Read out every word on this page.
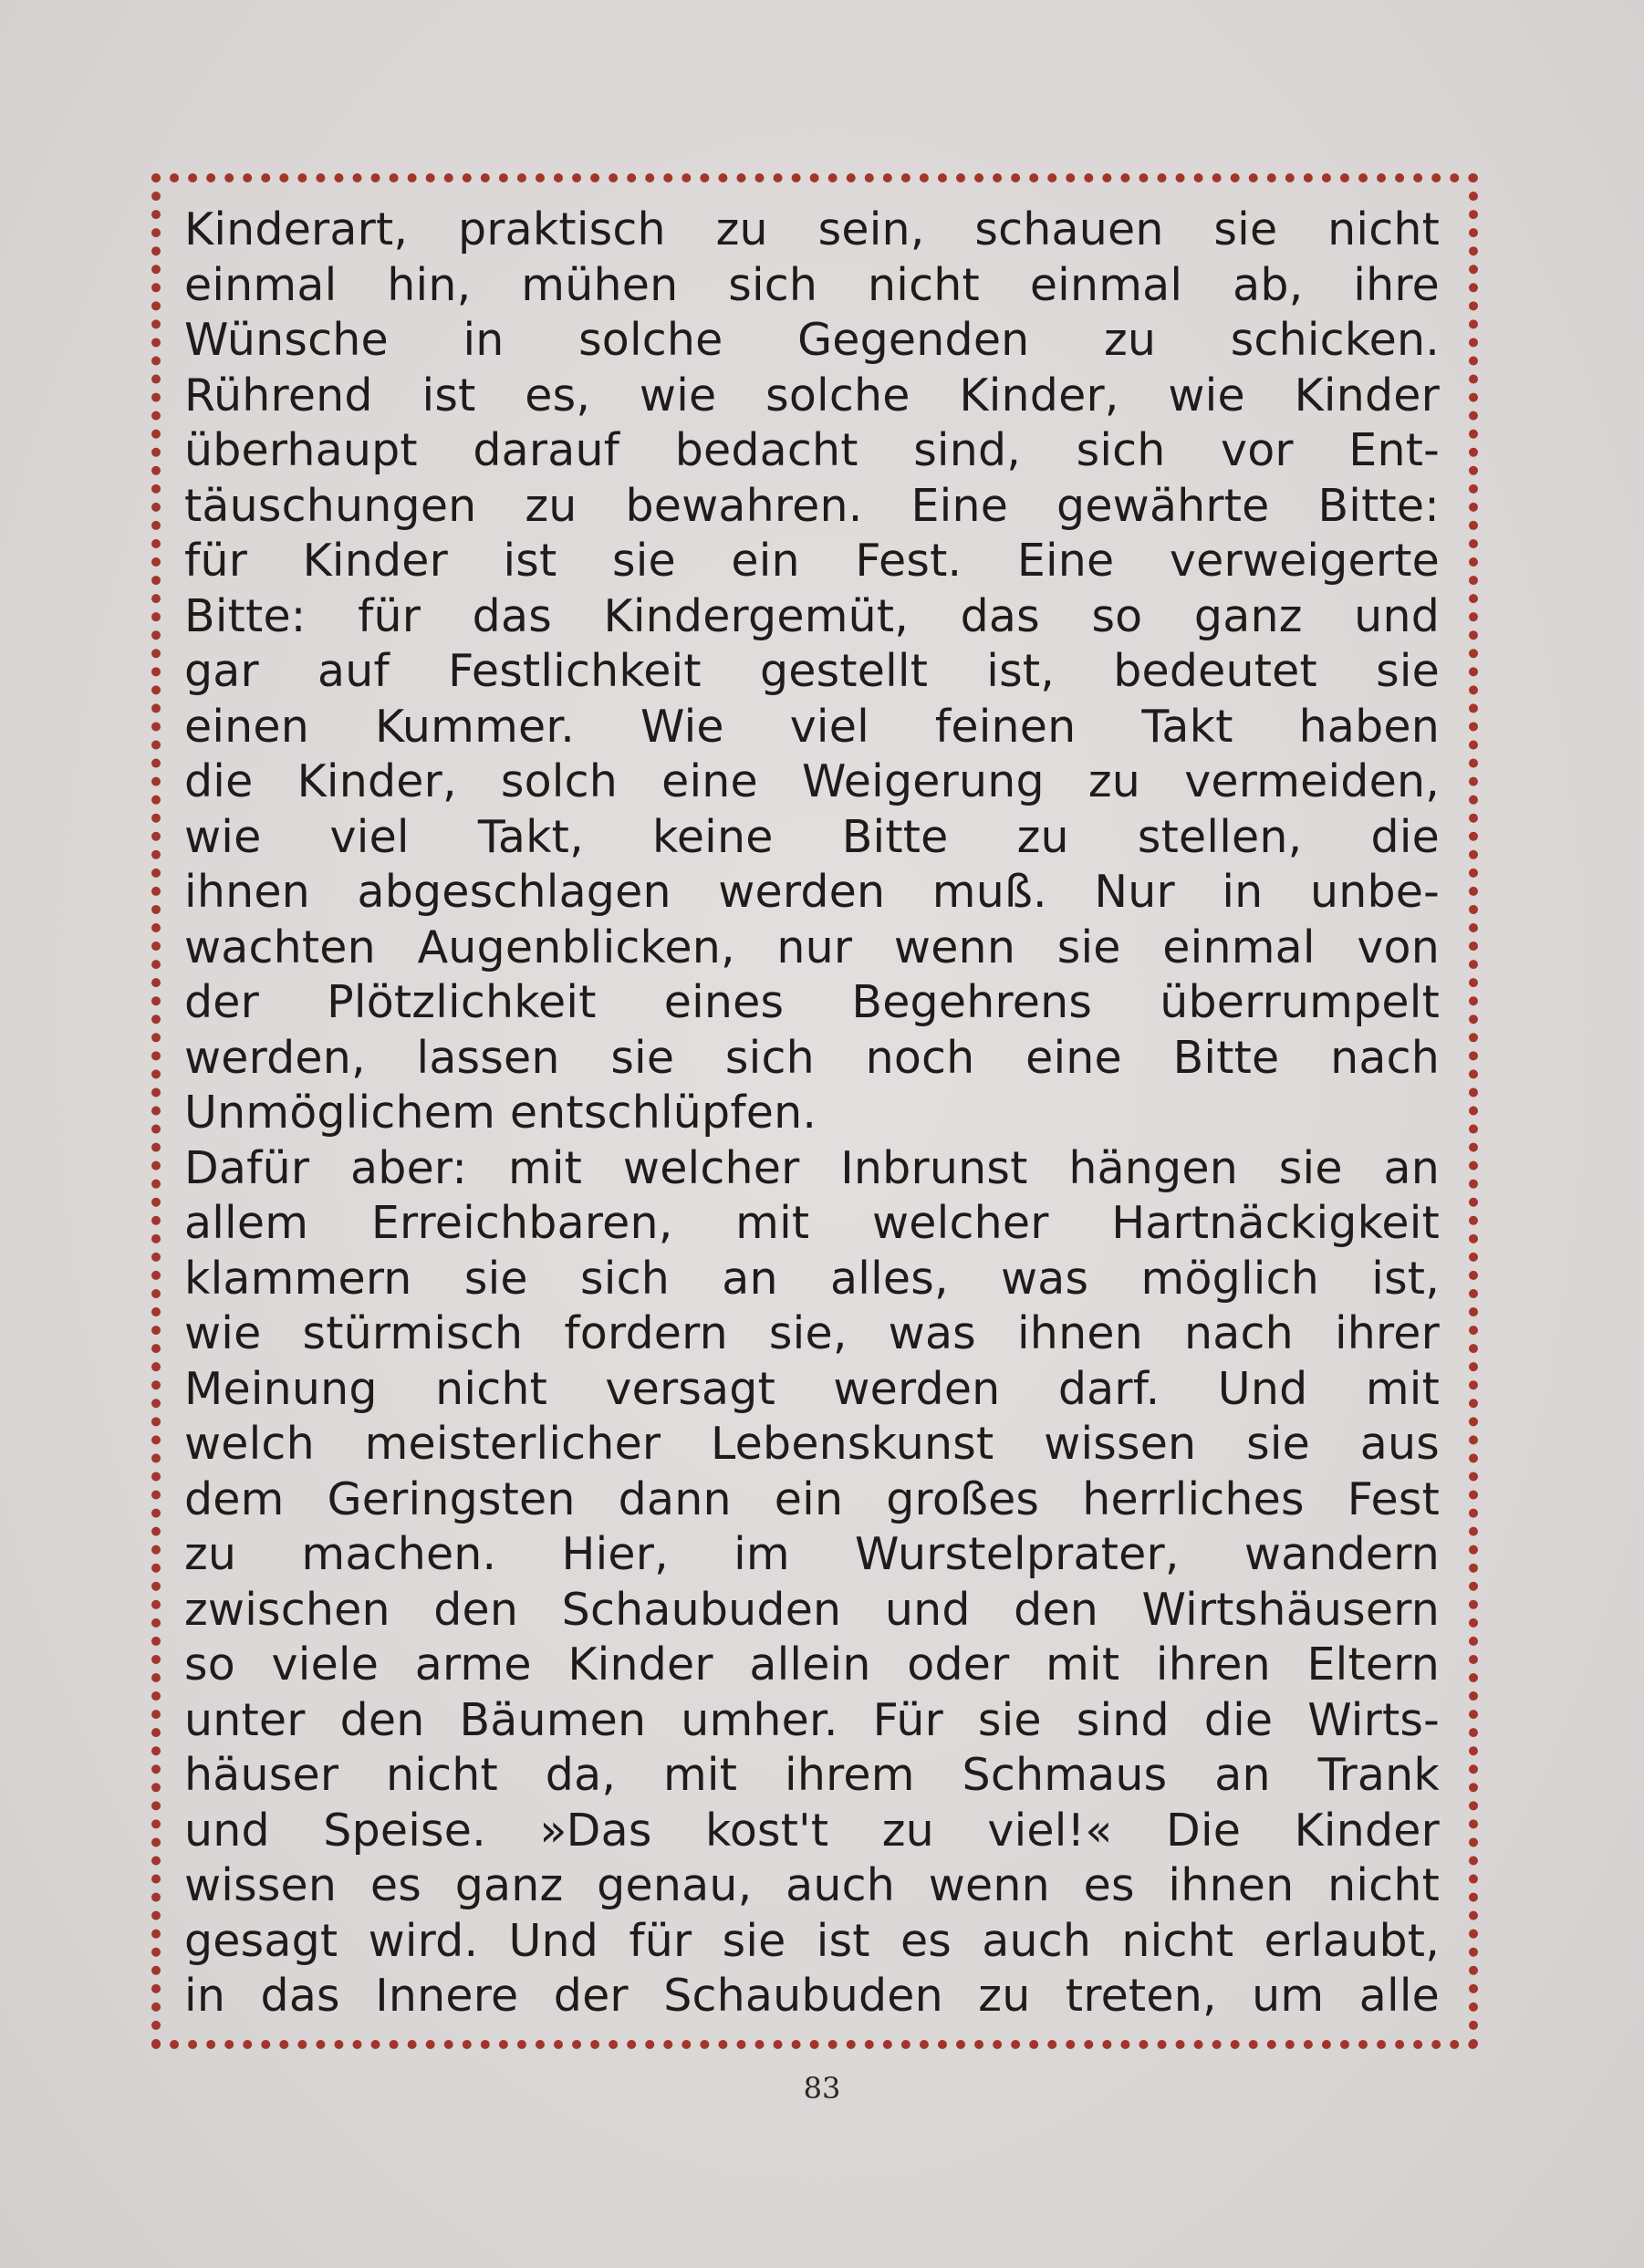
Kinderart, praktisch zu sein, schauen sie nicht
einmal hin, mühen sich nicht einmal ab, ihre
Wünsche in solche Gegenden zu schicken.
Rührend ist es, wie solche Kinder, wie Kinder
überhaupt darauf bedacht sind, sich vor Ent-
täuschungen zu bewahren. Eine gewährte Bitte:
für Kinder ist sie ein Fest. Eine verweigerte
Bitte: für das Kindergemüt, das so ganz und
gar auf Festlichkeit gestellt ist, bedeutet sie
einen Kummer. Wie viel feinen Takt haben
die Kinder, solch eine Weigerung zu vermeiden,
wie viel Takt, keine Bitte zu stellen, die
ihnen abgeschlagen werden muß. Nur in unbe-
wachten Augenblicken, nur wenn sie einmal von
der Plötzlichkeit eines Begehrens überrumpelt
werden, lassen sie sich noch eine Bitte nach
Unmöglichem entschlüpfen.
Dafür aber: mit welcher Inbrunst hängen sie an
allem Erreichbaren, mit welcher Hartnäckigkeit
klammern sie sich an alles, was möglich ist,
wie stürmisch fordern sie, was ihnen nach ihrer
Meinung nicht versagt werden darf. Und mit
welch meisterlicher Lebenskunst wissen sie aus
dem Geringsten dann ein großes herrliches Fest
zu machen. Hier, im Wurstelprater, wandern
zwischen den Schaubuden und den Wirtshäusern
so viele arme Kinder allein oder mit ihren Eltern
unter den Bäumen umher. Für sie sind die Wirts-
häuser nicht da, mit ihrem Schmaus an Trank
und Speise. »Das kost't zu viel!« Die Kinder
wissen es ganz genau, auch wenn es ihnen nicht
gesagt wird. Und für sie ist es auch nicht erlaubt,
in das Innere der Schaubuden zu treten, um alle
83
